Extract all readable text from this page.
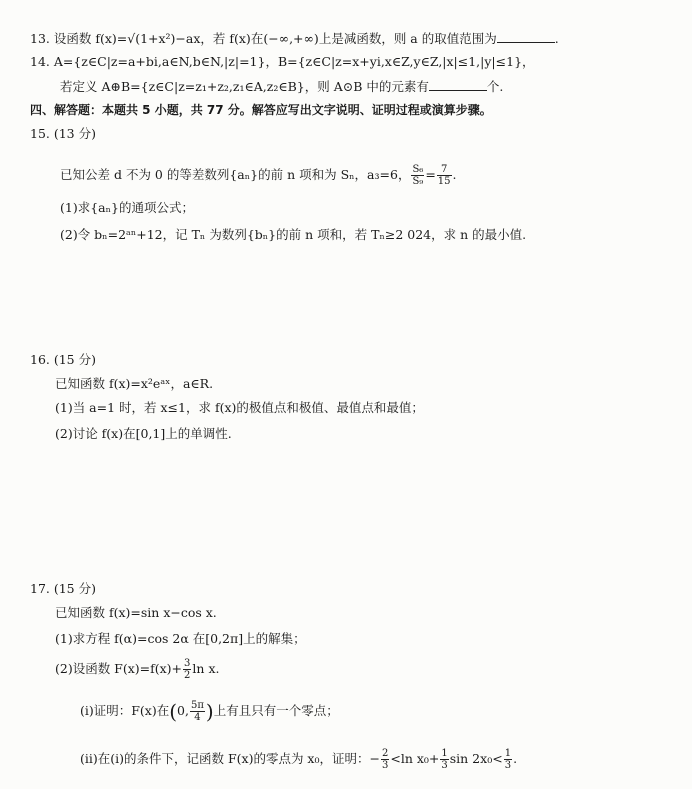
13. 设函数 f(x)=√(1+x²)−ax，若 f(x)在(−∞,+∞)上是减函数，则 a 的取值范围为	.
14. A={z∈C|z=a+bi,a∈N,b∈N,|z|=1}，B={z∈C|z=x+yi,x∈Z,y∈Z,|x|≤1,|y|≤1}，
若定义 A⊕B={z∈C|z=z₁+z₂,z₁∈A,z₂∈B}，则 A⊙B 中的元素有	个.
四、解答题：本题共 5 小题，共 77 分。解答应写出文字说明、证明过程或演算步骤。
15. (13 分)
已知公差 d 不为 0 的等差数列{aₙ}的前 n 项和为 Sₙ，a₃=6， $\frac{\text{S₆}}{\text{S₉}} = \frac{7}{15}$ .
(1)求{aₙ}的通项公式；
(2)令 bₙ=2ᵃⁿ+12，记 Tₙ 为数列{bₙ}的前 n 项和，若 Tₙ≥2 024，求 n 的最小值.
16. (15 分)
已知函数 f(x)=x²eᵃˣ，a∈R.
(1)当 a=1 时，若 x≤1，求 f(x)的极值点和极值、最值点和最值；
(2)讨论 f(x)在[0,1]上的单调性.
17. (15 分)
已知函数 f(x)=sin x−cos x.
(1)求方程 f(α)=cos 2α 在[0,2π]上的解集；
(2)设函数 $F(x)=f(x)+ \frac{3}{2}$ ln x.
(i)证明：F(x)在(0, $\frac{5\pi}{4}$ )上有且只有一个零点；
(ii)在(i)的条件下，记函数 F(x)的零点为 x₀，证明：− $\frac{2}{3} <\ln$ $x_0+ \frac{1}{3}$ $\sin 2x_0< \frac{1}{3}$ .
